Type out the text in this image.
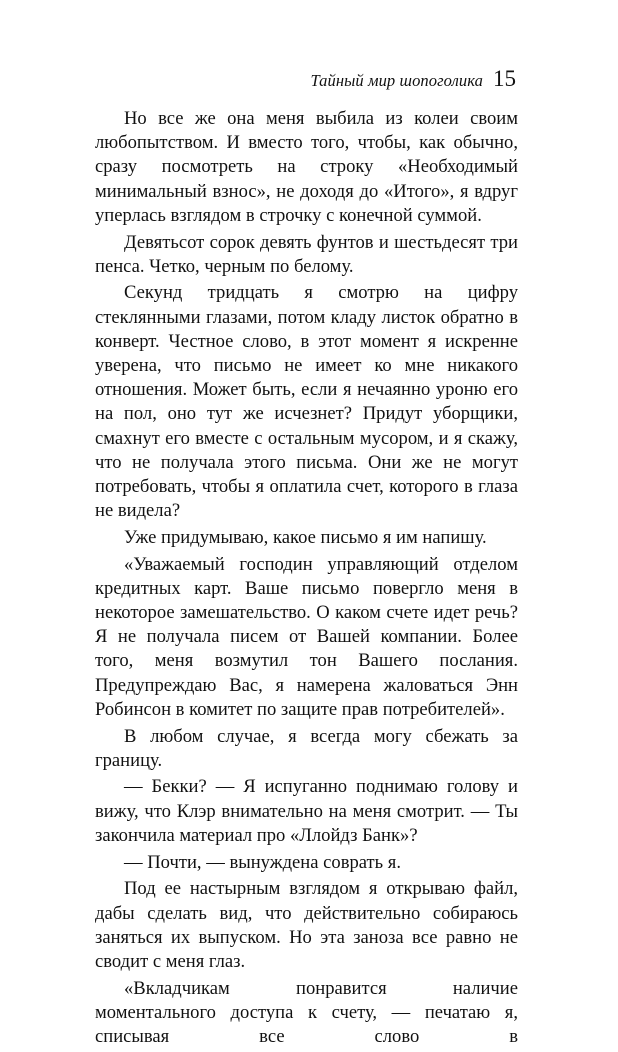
Тайный мир шопоголика 15

Но все же она меня выбила из колеи своим любопытством. И вместо того, чтобы, как обычно, сразу посмотреть на строку «Необходимый минимальный взнос», не доходя до «Итого», я вдруг уперлась взглядом в строчку с конечной суммой.

Девятьсот сорок девять фунтов и шестьдесят три пенса. Четко, черным по белому.

Секунд тридцать я смотрю на цифру стеклянными глазами, потом кладу листок обратно в конверт. Честное слово, в этот момент я искренне уверена, что письмо не имеет ко мне никакого отношения. Может быть, если я нечаянно уроню его на пол, оно тут же исчезнет? Придут уборщики, смахнут его вместе с остальным мусором, и я скажу, что не получала этого письма. Они же не могут потребовать, чтобы я оплатила счет, которого в глаза не видела?

Уже придумываю, какое письмо я им напишу.

«Уважаемый господин управляющий отделом кредитных карт. Ваше письмо повергло меня в некоторое замешательство. О каком счете идет речь? Я не получала писем от Вашей компании. Более того, меня возмутил тон Вашего послания. Предупреждаю Вас, я намерена жаловаться Энн Робинсон в комитет по защите прав потребителей».

В любом случае, я всегда могу сбежать за границу.

— Бекки? — Я испуганно поднимаю голову и вижу, что Клэр внимательно на меня смотрит. — Ты закончила материал про «Ллойдз Банк»?

— Почти, — вынуждена соврать я.

Под ее настырным взглядом я открываю файл, дабы сделать вид, что действительно собираюсь заняться их выпуском. Но эта заноза все равно не сводит с меня глаз.

«Вкладчикам понравится наличие моментального доступа к счету, — печатаю я, списывая все слово в
